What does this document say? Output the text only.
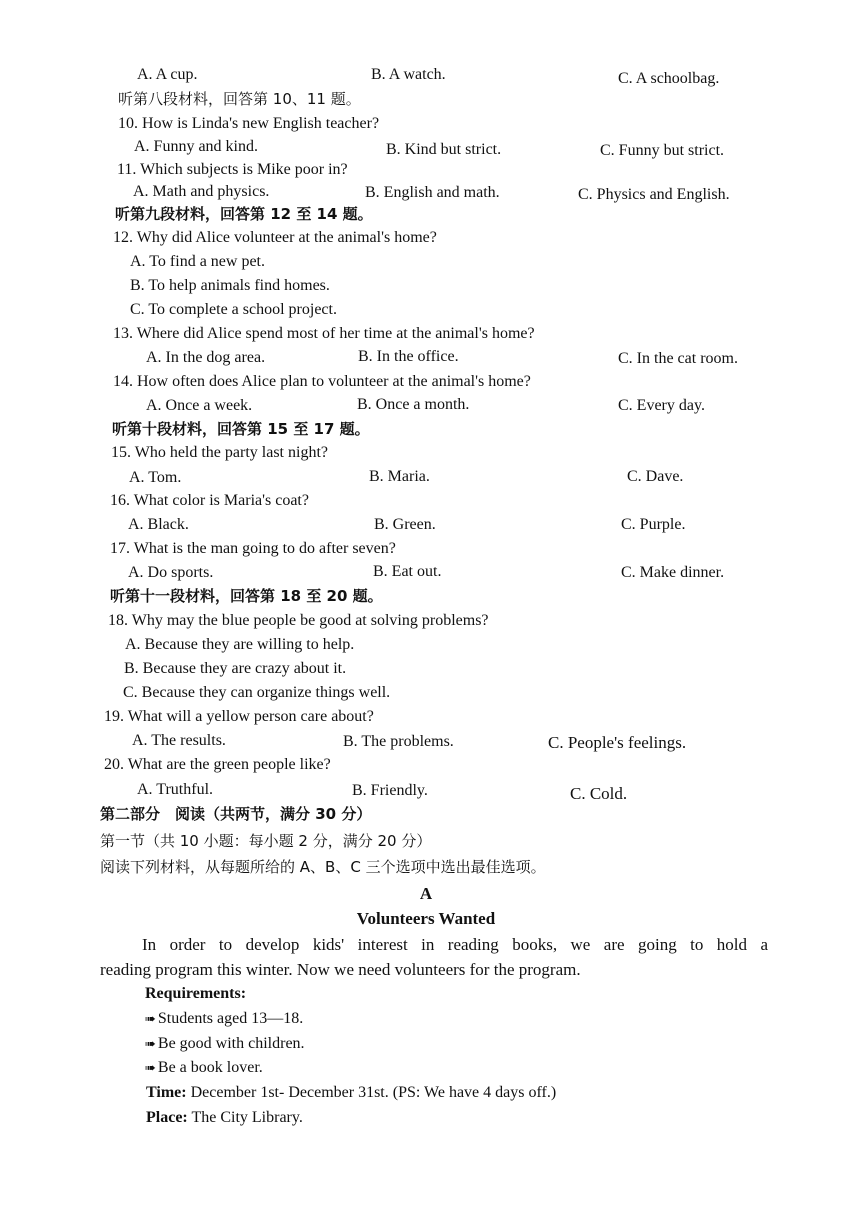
A. A cup.	B. A watch.	C. A schoolbag.
听第八段材料，回答第 10、11 题。
10. How is Linda's new English teacher?
A. Funny and kind.	B. Kind but strict.	C. Funny but strict.
11. Which subjects is Mike poor in?
A. Math and physics.	B. English and math.	C. Physics and English.
听第九段材料，回答第 12 至 14 题。
12. Why did Alice volunteer at the animal's home?
A. To find a new pet.
B. To help animals find homes.
C. To complete a school project.
13. Where did Alice spend most of her time at the animal's home?
A. In the dog area.	B. In the office.	C. In the cat room.
14. How often does Alice plan to volunteer at the animal's home?
A. Once a week.	B. Once a month.	C. Every day.
听第十段材料，回答第 15 至 17 题。
15. Who held the party last night?
A. Tom.	B. Maria.	C. Dave.
16. What color is Maria's coat?
A. Black.	B. Green.	C. Purple.
17. What is the man going to do after seven?
A. Do sports.	B. Eat out.	C. Make dinner.
听第十一段材料，回答第 18 至 20 题。
18. Why may the blue people be good at solving problems?
A. Because they are willing to help.
B. Because they are crazy about it.
C. Because they can organize things well.
19. What will a yellow person care about?
A. The results.	B. The problems.	C. People's feelings.
20. What are the green people like?
A. Truthful.	B. Friendly.	C. Cold.
第二部分　阅读（共两节，满分 30 分）
第一节（共 10 小题：每小题 2 分，满分 20 分）
阅读下列材料，从每题所给的 A、B、C 三个选项中选出最佳选项。
A
Volunteers Wanted
In order to develop kids' interest in reading books, we are going to hold a
reading program this winter. Now we need volunteers for the program.
Requirements:
➠ Students aged 13—18.
➠ Be good with children.
➠ Be a book lover.
Time: December 1st- December 31st. (PS: We have 4 days off.)
Place: The City Library.
